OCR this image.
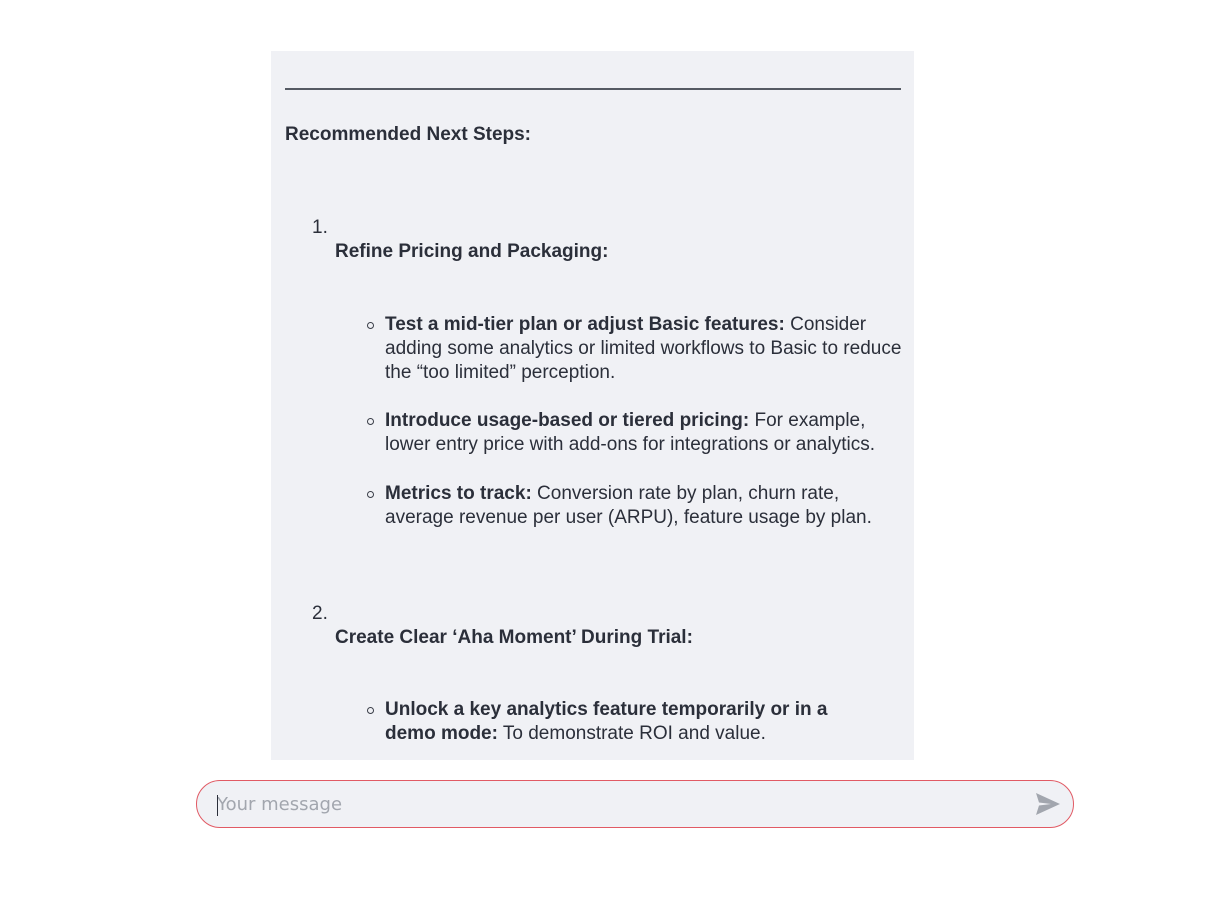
Recommended Next Steps:
1.
Refine Pricing and Packaging:
Test a mid-tier plan or adjust Basic features: Consider adding some analytics or limited workflows to Basic to reduce the “too limited” perception.
Introduce usage-based or tiered pricing: For example, lower entry price with add-ons for integrations or analytics.
Metrics to track: Conversion rate by plan, churn rate, average revenue per user (ARPU), feature usage by plan.
2.
Create Clear ‘Aha Moment’ During Trial:
Unlock a key analytics feature temporarily or in a demo mode: To demonstrate ROI and value.
Your message
